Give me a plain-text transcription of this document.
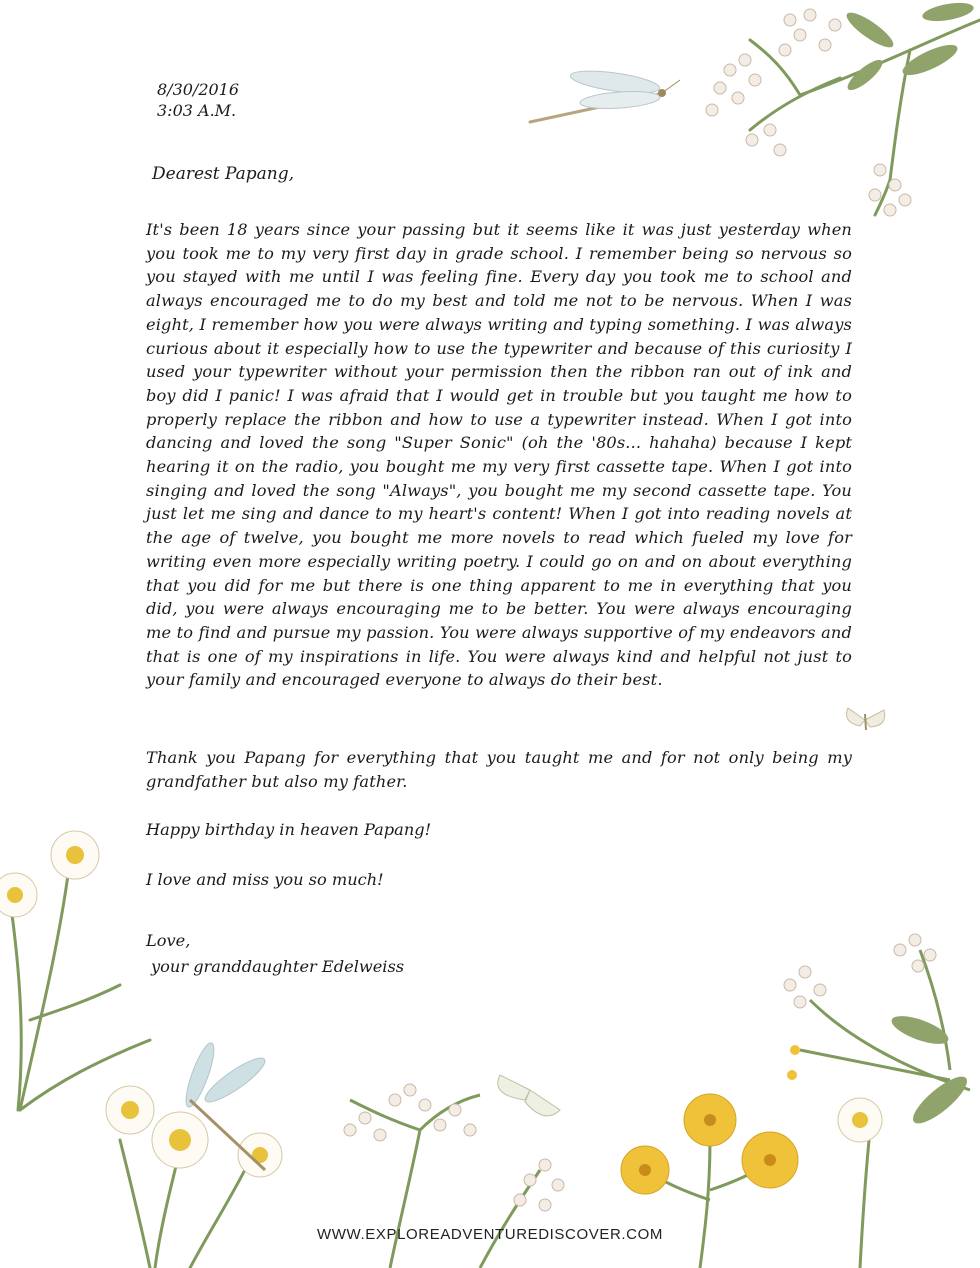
8/30/2016
3:03 A.M.
Dearest Papang,

It's been 18 years since your passing but it seems like it was just yesterday when you took me to my very first day in grade school. I remember being so nervous so you stayed with me until I was feeling fine. Every day you took me to school and always encouraged me to do my best and told me not to be nervous. When I was eight, I remember how you were always writing and typing something. I was always curious about it especially how to use the typewriter and because of this curiosity I used your typewriter without your permission then the ribbon ran out of ink and boy did I panic! I was afraid that I would get in trouble but you taught me how to properly replace the ribbon and how to use a typewriter instead. When I got into dancing and loved the song "Super Sonic" (oh the '80s... hahaha) because I kept hearing it on the radio, you bought me my very first cassette tape. When I got into singing and loved the song "Always", you bought me my second cassette tape. You just let me sing and dance to my heart's content! When I got into reading novels at the age of twelve, you bought me more novels to read which fueled my love for writing even more especially writing poetry. I could go on and on about everything that you did for me but there is one thing apparent to me in everything that you did, you were always encouraging me to be better. You were always encouraging me to find and pursue my passion. You were always supportive of my endeavors and that is one of my inspirations in life. You were always kind and helpful not just to your family and encouraged everyone to always do their best.

Thank you Papang for everything that you taught me and for not only being my grandfather but also my father.

Happy birthday in heaven Papang!
I love and miss you so much!
Love,
your granddaughter Edelweiss
WWW.EXPLOREADVENTUREDISCOVER.COM
